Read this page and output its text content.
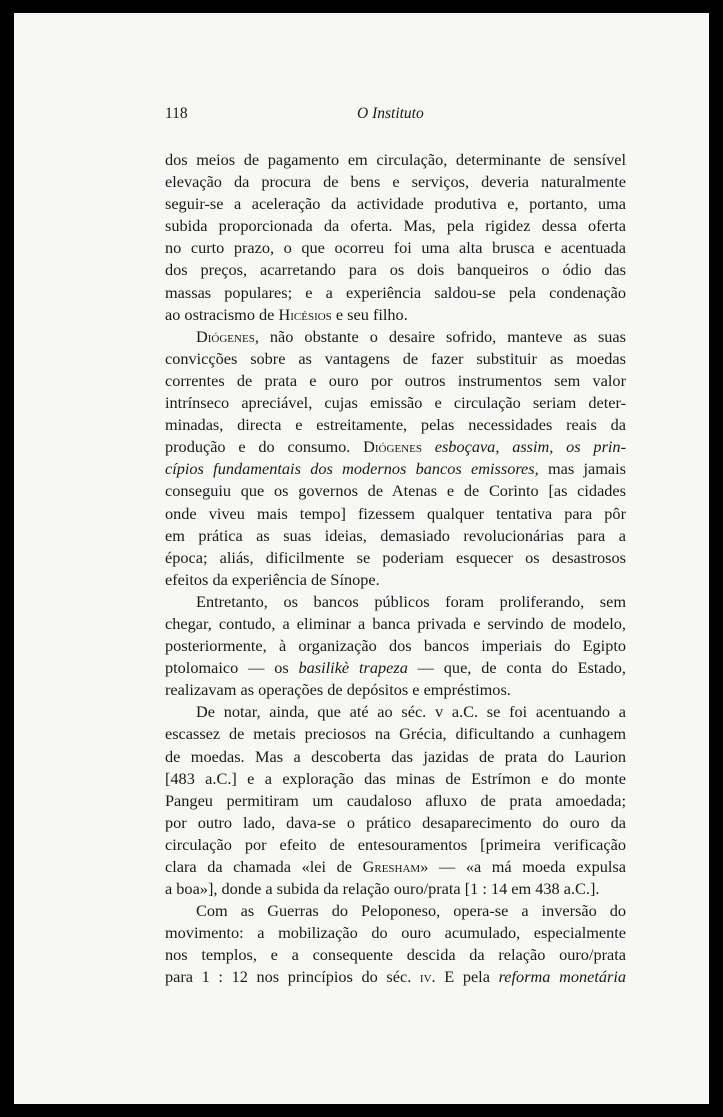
118	O Instituto
dos meios de pagamento em circulação, determinante de sensível
elevação da procura de bens e serviços, deveria naturalmente
seguir-se a aceleração da actividade produtiva e, portanto, uma
subida proporcionada da oferta. Mas, pela rigidez dessa oferta
no curto prazo, o que ocorreu foi uma alta brusca e acentuada
dos preços, acarretando para os dois banqueiros o ódio das
massas populares; e a experiência saldou-se pela condenação
ao ostracismo de Hicésios e seu filho.
Diógenes, não obstante o desaire sofrido, manteve as suas
convicções sobre as vantagens de fazer substituir as moedas
correntes de prata e ouro por outros instrumentos sem valor
intrínseco apreciável, cujas emissão e circulação seriam deter-
minadas, directa e estreitamente, pelas necessidades reais da
produção e do consumo. Diógenes esboçava, assim, os prin-
cípios fundamentais dos modernos bancos emissores, mas jamais
conseguiu que os governos de Atenas e de Corinto [as cidades
onde viveu mais tempo] fizessem qualquer tentativa para pôr
em prática as suas ideias, demasiado revolucionárias para a
época; aliás, dificilmente se poderiam esquecer os desastrosos
efeitos da experiência de Sínope.
Entretanto, os bancos públicos foram proliferando, sem
chegar, contudo, a eliminar a banca privada e servindo de modelo,
posteriormente, à organização dos bancos imperiais do Egipto
ptolomaico — os basilikè trapeza — que, de conta do Estado,
realizavam as operações de depósitos e empréstimos.
De notar, ainda, que até ao séc. v a.C. se foi acentuando a
escassez de metais preciosos na Grécia, dificultando a cunhagem
de moedas. Mas a descoberta das jazidas de prata do Laurion
[483 a.C.] e a exploração das minas de Estrímon e do monte
Pangeu permitiram um caudaloso afluxo de prata amoedada;
por outro lado, dava-se o prático desaparecimento do ouro da
circulação por efeito de entesouramentos [primeira verificação
clara da chamada «lei de Gresham» — «a má moeda expulsa
a boa»], donde a subida da relação ouro/prata [1 : 14 em 438 a.C.].
Com as Guerras do Peloponeso, opera-se a inversão do
movimento: a mobilização do ouro acumulado, especialmente
nos templos, e a consequente descida da relação ouro/prata
para 1 : 12 nos princípios do séc. iv. E pela reforma monetária
